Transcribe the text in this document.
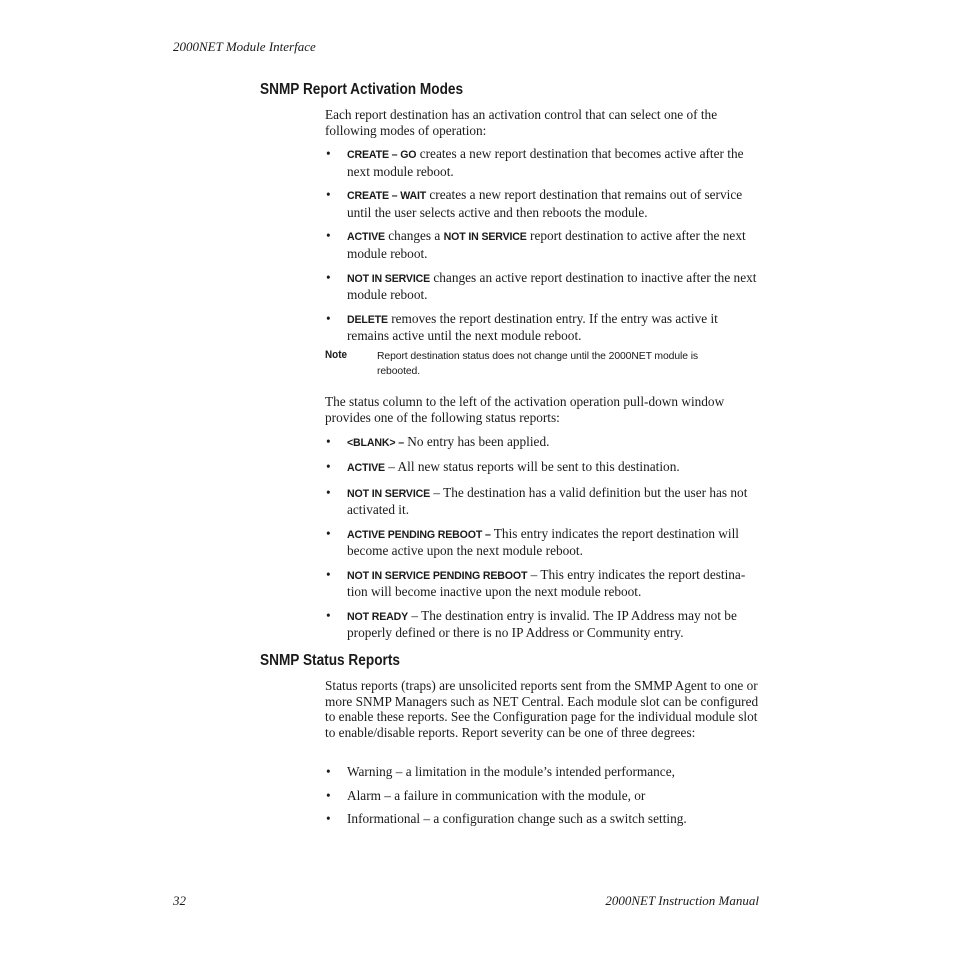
2000NET Module Interface
SNMP Report Activation Modes
Each report destination has an activation control that can select one of the following modes of operation:
• CREATE – GO creates a new report destination that becomes active after the next module reboot.
• CREATE – WAIT creates a new report destination that remains out of service until the user selects active and then reboots the module.
• ACTIVE changes a NOT IN SERVICE report destination to active after the next module reboot.
• NOT IN SERVICE changes an active report destination to inactive after the next module reboot.
• DELETE removes the report destination entry. If the entry was active it remains active until the next module reboot.
Note	Report destination status does not change until the 2000NET module is rebooted.
The status column to the left of the activation operation pull-down window provides one of the following status reports:
• <BLANK> – No entry has been applied.
• ACTIVE – All new status reports will be sent to this destination.
• NOT IN SERVICE – The destination has a valid definition but the user has not activated it.
• ACTIVE PENDING REBOOT – This entry indicates the report destination will become active upon the next module reboot.
• NOT IN SERVICE PENDING REBOOT – This entry indicates the report destina-tion will become inactive upon the next module reboot.
• NOT READY – The destination entry is invalid. The IP Address may not be properly defined or there is no IP Address or Community entry.
SNMP Status Reports
Status reports (traps) are unsolicited reports sent from the SMMP Agent to one or more SNMP Managers such as NET Central. Each module slot can be configured to enable these reports. See the Configuration page for the individual module slot to enable/disable reports. Report severity can be one of three degrees:
• Warning – a limitation in the module’s intended performance,
• Alarm – a failure in communication with the module, or
• Informational – a configuration change such as a switch setting.
32	2000NET Instruction Manual
